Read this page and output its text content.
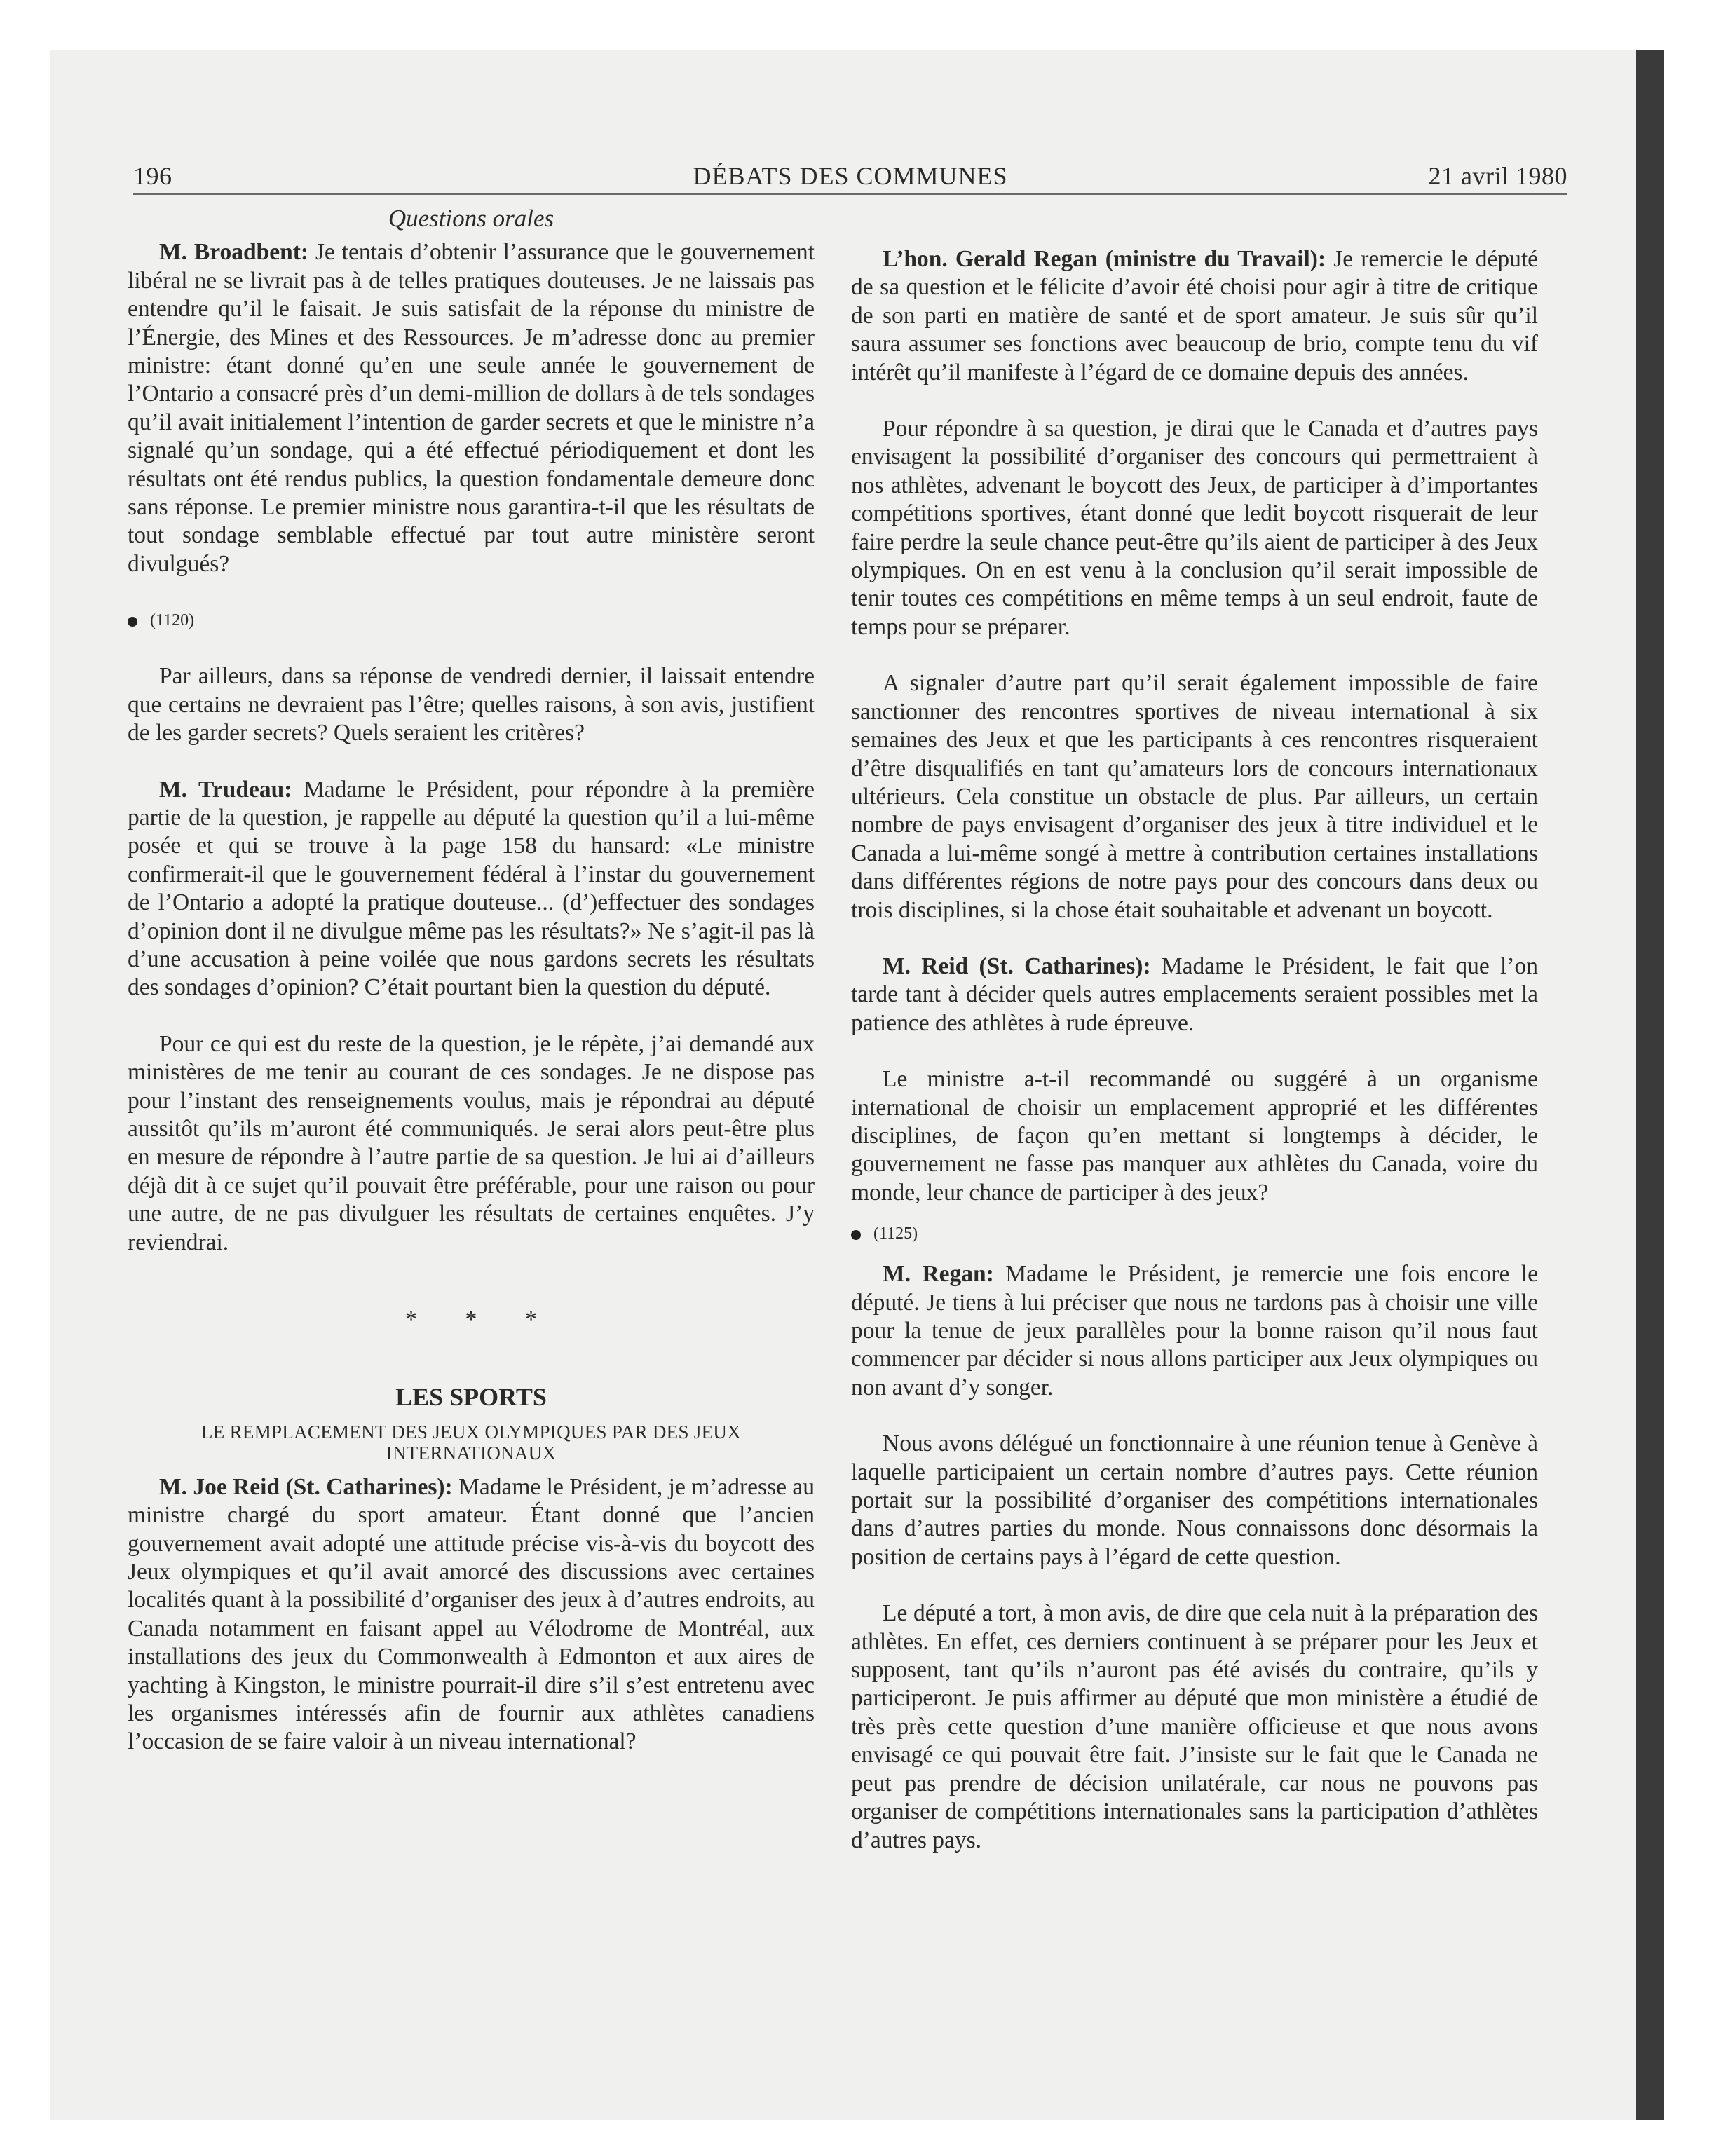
196	DÉBATS DES COMMUNES	21 avril 1980

Questions orales

M. Broadbent: Je tentais d’obtenir l’assurance que le gouvernement libéral ne se livrait pas à de telles pratiques douteuses. Je ne laissais pas entendre qu’il le faisait. Je suis satisfait de la réponse du ministre de l’Énergie, des Mines et des Ressources. Je m’adresse donc au premier ministre: étant donné qu’en une seule année le gouvernement de l’Ontario a consacré près d’un demi-million de dollars à de tels sondages qu’il avait initialement l’intention de garder secrets et que le ministre n’a signalé qu’un sondage, qui a été effectué périodiquement et dont les résultats ont été rendus publics, la question fondamentale demeure donc sans réponse. Le premier ministre nous garantira-t-il que les résultats de tout sondage semblable effectué par tout autre ministère seront divulgués?

(1120)

Par ailleurs, dans sa réponse de vendredi dernier, il laissait entendre que certains ne devraient pas l’être; quelles raisons, à son avis, justifient de les garder secrets? Quels seraient les critères?

M. Trudeau: Madame le Président, pour répondre à la première partie de la question, je rappelle au député la question qu’il a lui-même posée et qui se trouve à la page 158 du hansard: «Le ministre confirmerait-il que le gouvernement fédéral à l’instar du gouvernement de l’Ontario a adopté la pratique douteuse... (d’)effectuer des sondages d’opinion dont il ne divulgue même pas les résultats?» Ne s’agit-il pas là d’une accusation à peine voilée que nous gardons secrets les résultats des sondages d’opinion? C’était pourtant bien la question du député.

Pour ce qui est du reste de la question, je le répète, j’ai demandé aux ministères de me tenir au courant de ces sondages. Je ne dispose pas pour l’instant des renseignements voulus, mais je répondrai au député aussitôt qu’ils m’auront été communiqués. Je serai alors peut-être plus en mesure de répondre à l’autre partie de sa question. Je lui ai d’ailleurs déjà dit à ce sujet qu’il pouvait être préférable, pour une raison ou pour une autre, de ne pas divulguer les résultats de certaines enquêtes. J’y reviendrai.

* * *

LES SPORTS

LE REMPLACEMENT DES JEUX OLYMPIQUES PAR DES JEUX INTERNATIONAUX

M. Joe Reid (St. Catharines): Madame le Président, je m’adresse au ministre chargé du sport amateur. Étant donné que l’ancien gouvernement avait adopté une attitude précise vis-à-vis du boycott des Jeux olympiques et qu’il avait amorcé des discussions avec certaines localités quant à la possibilité d’organiser des jeux à d’autres endroits, au Canada notamment en faisant appel au Vélodrome de Montréal, aux installations des jeux du Commonwealth à Edmonton et aux aires de yachting à Kingston, le ministre pourrait-il dire s’il s’est entretenu avec les organismes intéressés afin de fournir aux athlètes canadiens l’occasion de se faire valoir à un niveau international?

L’hon. Gerald Regan (ministre du Travail): Je remercie le député de sa question et le félicite d’avoir été choisi pour agir à titre de critique de son parti en matière de santé et de sport amateur. Je suis sûr qu’il saura assumer ses fonctions avec beaucoup de brio, compte tenu du vif intérêt qu’il manifeste à l’égard de ce domaine depuis des années.

Pour répondre à sa question, je dirai que le Canada et d’autres pays envisagent la possibilité d’organiser des concours qui permettraient à nos athlètes, advenant le boycott des Jeux, de participer à d’importantes compétitions sportives, étant donné que ledit boycott risquerait de leur faire perdre la seule chance peut-être qu’ils aient de participer à des Jeux olympiques. On en est venu à la conclusion qu’il serait impossible de tenir toutes ces compétitions en même temps à un seul endroit, faute de temps pour se préparer.

A signaler d’autre part qu’il serait également impossible de faire sanctionner des rencontres sportives de niveau international à six semaines des Jeux et que les participants à ces rencontres risqueraient d’être disqualifiés en tant qu’amateurs lors de concours internationaux ultérieurs. Cela constitue un obstacle de plus. Par ailleurs, un certain nombre de pays envisagent d’organiser des jeux à titre individuel et le Canada a lui-même songé à mettre à contribution certaines installations dans différentes régions de notre pays pour des concours dans deux ou trois disciplines, si la chose était souhaitable et advenant un boycott.

M. Reid (St. Catharines): Madame le Président, le fait que l’on tarde tant à décider quels autres emplacements seraient possibles met la patience des athlètes à rude épreuve.

Le ministre a-t-il recommandé ou suggéré à un organisme international de choisir un emplacement approprié et les différentes disciplines, de façon qu’en mettant si longtemps à décider, le gouvernement ne fasse pas manquer aux athlètes du Canada, voire du monde, leur chance de participer à des jeux?

(1125)

M. Regan: Madame le Président, je remercie une fois encore le député. Je tiens à lui préciser que nous ne tardons pas à choisir une ville pour la tenue de jeux parallèles pour la bonne raison qu’il nous faut commencer par décider si nous allons participer aux Jeux olympiques ou non avant d’y songer.

Nous avons délégué un fonctionnaire à une réunion tenue à Genève à laquelle participaient un certain nombre d’autres pays. Cette réunion portait sur la possibilité d’organiser des compétitions internationales dans d’autres parties du monde. Nous connaissons donc désormais la position de certains pays à l’égard de cette question.

Le député a tort, à mon avis, de dire que cela nuit à la préparation des athlètes. En effet, ces derniers continuent à se préparer pour les Jeux et supposent, tant qu’ils n’auront pas été avisés du contraire, qu’ils y participeront. Je puis affirmer au député que mon ministère a étudié de très près cette question d’une manière officieuse et que nous avons envisagé ce qui pouvait être fait. J’insiste sur le fait que le Canada ne peut pas prendre de décision unilatérale, car nous ne pouvons pas organiser de compétitions internationales sans la participation d’athlètes d’autres pays.
